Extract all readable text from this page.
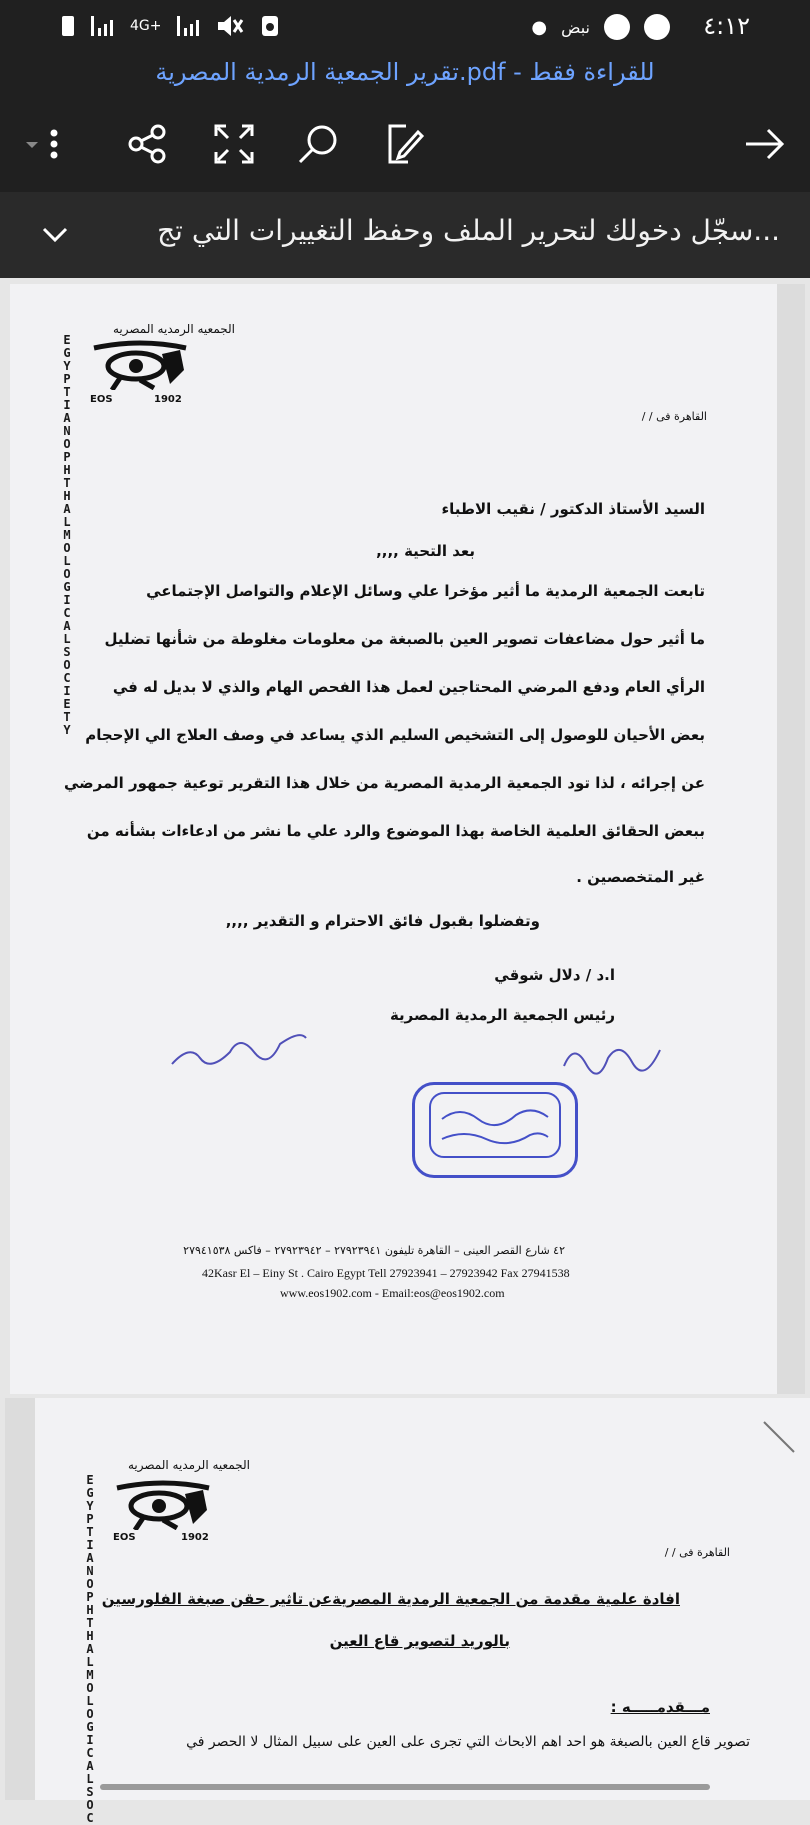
4G+	● نبض	٤:١٢
تقرير الجمعية الرمدية المصرية.pdf - للقراءة فقط
سجّل دخولك لتحرير الملف وحفظ التغييرات التي تج...
الجمعيه الرمديه المصريه
EGYPTIAN OPHTHALMOLOGICAL SOCIETY
EOS	1902
القاهرة فى / /
السيد الأستاذ الدكتور / نقيب الاطباء
بعد التحية ,,,,
تابعت الجمعية الرمدية ما أثير مؤخرا علي وسائل الإعلام والتواصل الإجتماعي
ما أثير حول مضاعفات تصوير العين بالصبغة من معلومات مغلوطة من شأنها تضليل
الرأي العام ودفع المرضي المحتاجين لعمل هذا الفحص الهام والذي لا بديل له في
بعض الأحيان للوصول إلى التشخيص السليم الذي يساعد في وصف العلاج الي الإحجام
عن إجرائه ، لذا تود الجمعية الرمدية المصرية من خلال هذا التقرير توعية جمهور المرضي
ببعض الحقائق العلمية الخاصة بهذا الموضوع والرد علي ما نشر من ادعاءات بشأنه من
غير المتخصصين .
وتفضلوا بقبول فائق الاحترام و التقدير ,,,,
ا.د / دلال شوقي
رئيس الجمعية الرمدية المصرية
٤٢ شارع القصر العينى – القاهرة تليفون ٢٧٩٢٣٩٤١ – ٢٧٩٢٣٩٤٢ – فاكس ٢٧٩٤١٥٣٨
42Kasr El – Einy St . Cairo Egypt Tell 27923941 – 27923942 Fax 27941538
www.eos1902.com - Email:eos@eos1902.com
الجمعيه الرمديه المصريه
EGYPTIAN OPHTHALMOLOGICAL SOC
EOS	1902
القاهرة فى / /
افادة علمية مقدمة من الجمعية الرمدية المصريةعن تاثير حقن صبغة الفلورسين
بالوريد لتصوير قاع العين
مـــقدمـــــه :
تصوير قاع العين بالصبغة هو احد اهم الابحاث التي تجرى على العين على سبيل المثال لا الحصر في
